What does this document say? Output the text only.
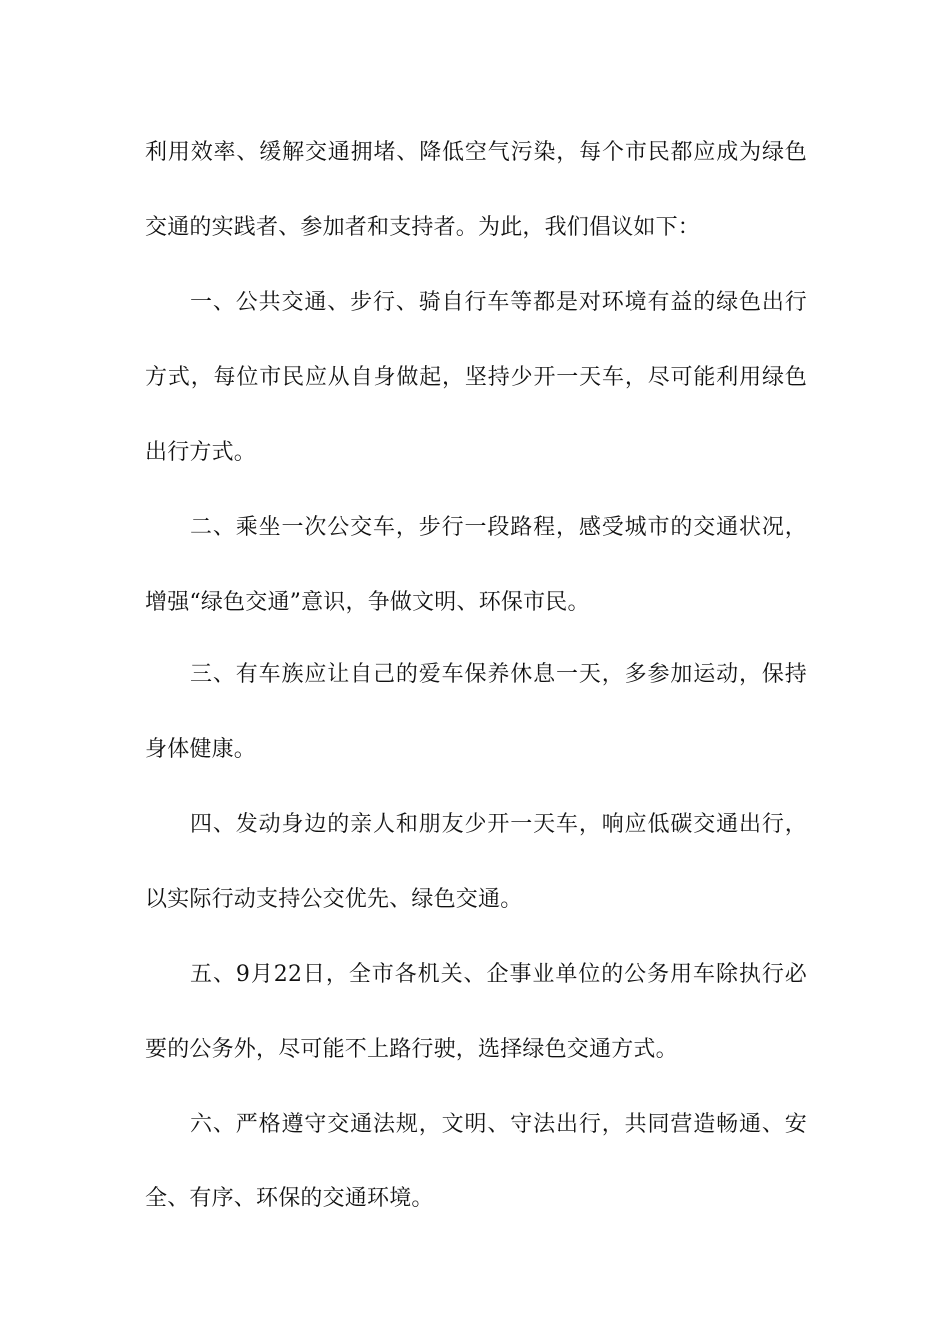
利用效率、缓解交通拥堵、降低空气污染，每个市民都应成为绿色
交通的实践者、参加者和支持者。为此，我们倡议如下：
一、公共交通、步行、骑自行车等都是对环境有益的绿色出行
方式，每位市民应从自身做起，坚持少开一天车，尽可能利用绿色
出行方式。
二、乘坐一次公交车，步行一段路程，感受城市的交通状况，
增强“绿色交通”意识，争做文明、环保市民。
三、有车族应让自己的爱车保养休息一天，多参加运动，保持
身体健康。
四、发动身边的亲人和朋友少开一天车，响应低碳交通出行，
以实际行动支持公交优先、绿色交通。
五、9月22日，全市各机关、企事业单位的公务用车除执行必
要的公务外，尽可能不上路行驶，选择绿色交通方式。
六、严格遵守交通法规，文明、守法出行，共同营造畅通、安
全、有序、环保的交通环境。
